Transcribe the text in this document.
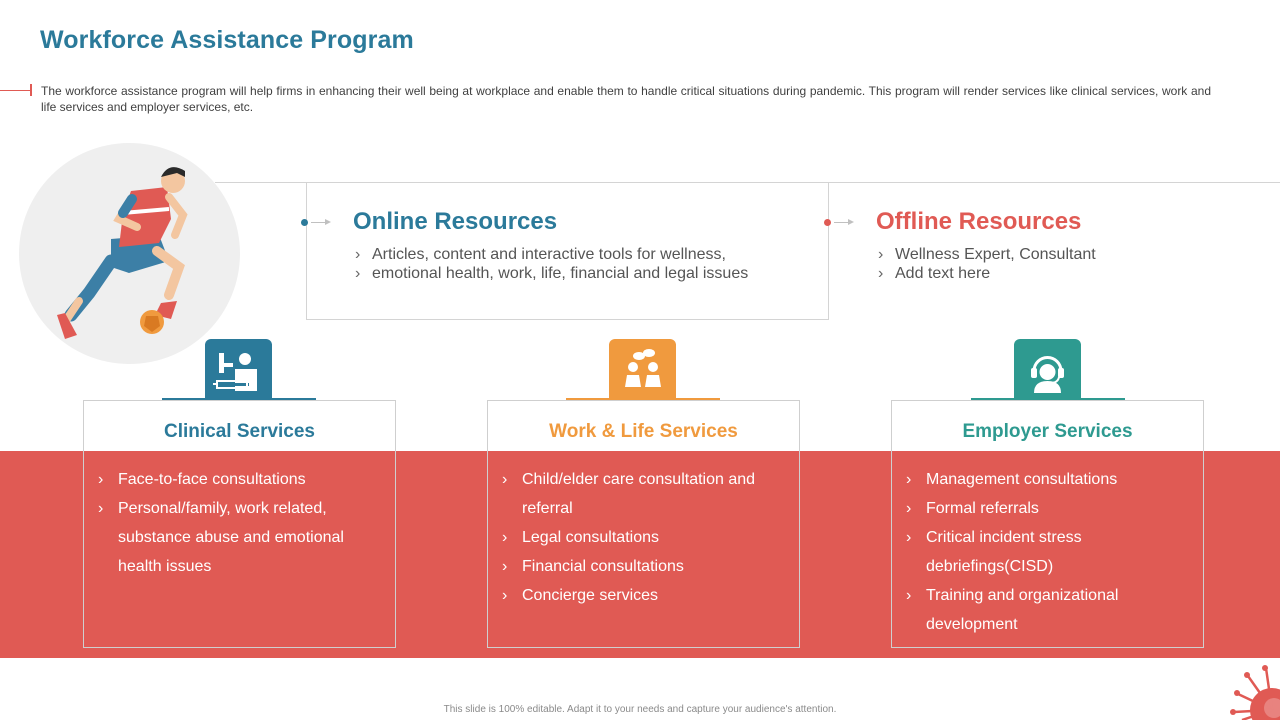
Workforce Assistance Program
The workforce assistance program will help firms in enhancing their well being at workplace and enable them to handle critical situations during pandemic. This program will render services like clinical services, work and life services and employer services, etc.
Online Resources
› Articles, content and interactive tools for wellness,
› emotional health, work, life, financial and legal issues
Offline Resources
› Wellness Expert, Consultant
› Add text here
Clinical Services
› Face-to-face consultations
› Personal/family, work related, substance abuse and emotional health issues
Work & Life Services
› Child/elder care consultation and referral
› Legal consultations
› Financial consultations
› Concierge services
Employer Services
› Management consultations
› Formal referrals
› Critical incident stress debriefings(CISD)
› Training and organizational development
This slide is 100% editable. Adapt it to your needs and capture your audience's attention.
